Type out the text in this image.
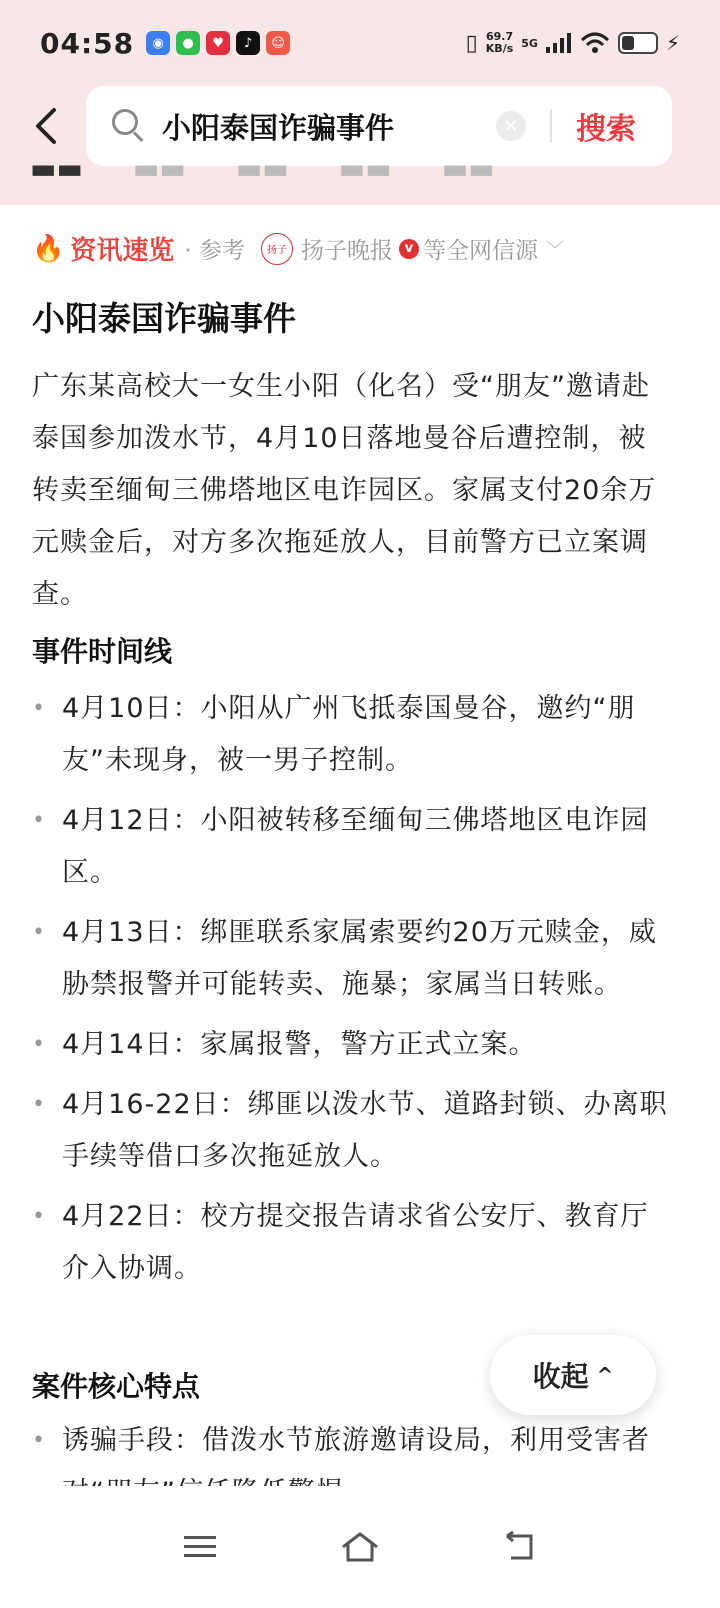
04:58	◉	●	♥	♪	☺	▯ 69.7
KB/s 5G	⚡
小阳泰国诈骗事件
✕ 搜索
▬▬ ▬▬ ▬▬ ▬▬ ▬▬
🔥 资讯速览 · 参考	扬子 扬子晚报 v 等全网信源 ﹀
小阳泰国诈骗事件
广东某高校大一女生小阳（化名）受“朋友”邀请赴泰国参加泼水节，4月10日落地曼谷后遭控制，被转卖至缅甸三佛塔地区电诈园区。家属支付20余万元赎金后，对方多次拖延放人，目前警方已立案调查。
事件时间线
• 4月10日：小阳从广州飞抵泰国曼谷，邀约“朋友”未现身，被一男子控制。
• 4月12日：小阳被转移至缅甸三佛塔地区电诈园区。
• 4月13日：绑匪联系家属索要约20万元赎金，威胁禁报警并可能转卖、施暴；家属当日转账。
• 4月14日：家属报警，警方正式立案。
• 4月16-22日：绑匪以泼水节、道路封锁、办离职手续等借口多次拖延放人。
• 4月22日：校方提交报告请求省公安厅、教育厅介入协调。
案件核心特点
• 诱骗手段：借泼水节旅游邀请设局，利用受害者
收起 ^
